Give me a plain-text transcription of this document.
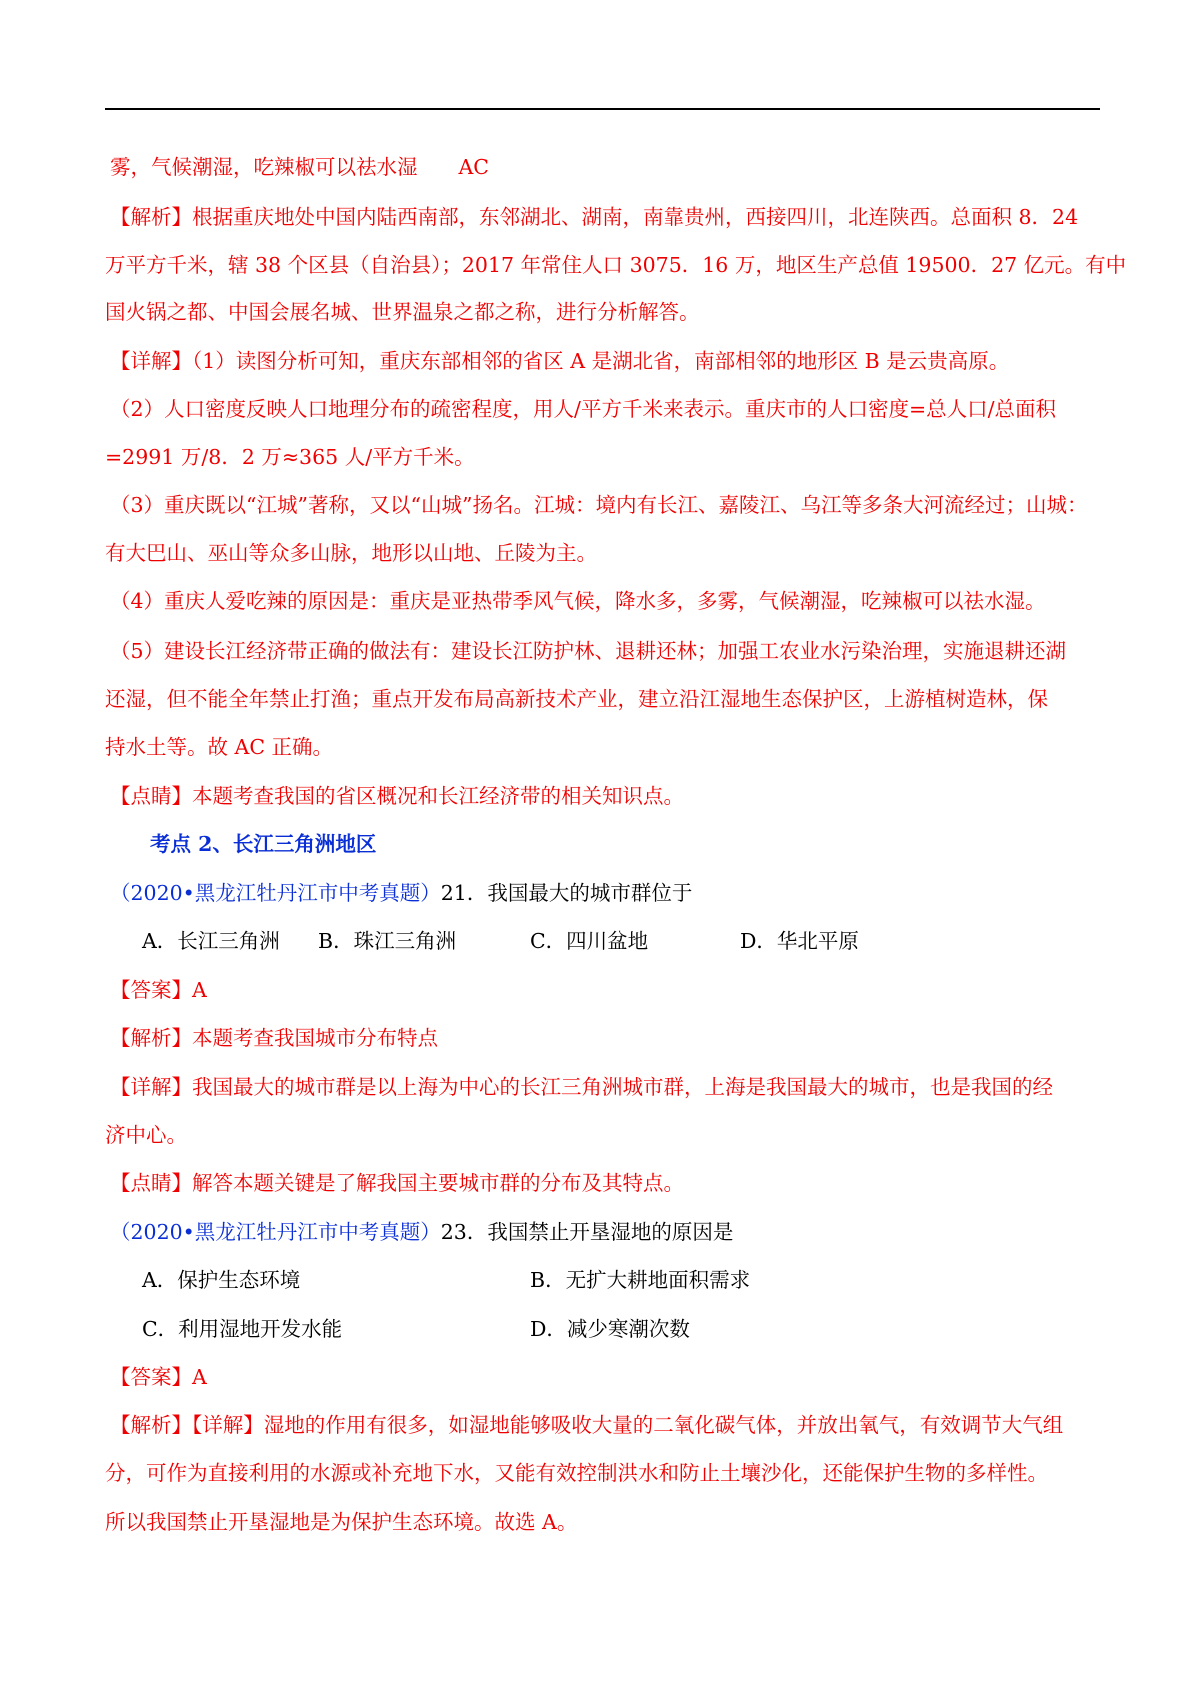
雾，气候潮湿，吃辣椒可以祛水湿　　AC
【解析】根据重庆地处中国内陆西南部，东邻湖北、湖南，南靠贵州，西接四川，北连陕西。总面积 8．24
万平方千米，辖 38 个区县（自治县）；2017 年常住人口 3075．16 万，地区生产总值 19500．27 亿元。有中
国火锅之都、中国会展名城、世界温泉之都之称，进行分析解答。
【详解】（1）读图分析可知，重庆东部相邻的省区 A 是湖北省，南部相邻的地形区 B 是云贵高原。
（2）人口密度反映人口地理分布的疏密程度，用人/平方千米来表示。重庆市的人口密度=总人口/总面积
=2991 万/8．2 万≈365 人/平方千米。
（3）重庆既以“江城”著称，又以“山城”扬名。江城：境内有长江、嘉陵江、乌江等多条大河流经过；山城：
有大巴山、巫山等众多山脉，地形以山地、丘陵为主。
（4）重庆人爱吃辣的原因是：重庆是亚热带季风气候，降水多，多雾，气候潮湿，吃辣椒可以祛水湿。
（5）建设长江经济带正确的做法有：建设长江防护林、退耕还林；加强工农业水污染治理，实施退耕还湖
还湿，但不能全年禁止打渔；重点开发布局高新技术产业，建立沿江湿地生态保护区，上游植树造林，保
持水土等。故 AC 正确。
【点睛】本题考查我国的省区概况和长江经济带的相关知识点。
考点 2、长江三角洲地区
（2020•黑龙江牡丹江市中考真题）21．我国最大的城市群位于
A．长江三角洲 B．珠江三角洲	C．四川盆地	D．华北平原
【答案】A
【解析】本题考查我国城市分布特点
【详解】我国最大的城市群是以上海为中心的长江三角洲城市群，上海是我国最大的城市，也是我国的经
济中心。
【点睛】解答本题关键是了解我国主要城市群的分布及其特点。
（2020•黑龙江牡丹江市中考真题）23．我国禁止开垦湿地的原因是
A．保护生态环境	B．无扩大耕地面积需求
C．利用湿地开发水能	D．减少寒潮次数
【答案】A
【解析】【详解】湿地的作用有很多，如湿地能够吸收大量的二氧化碳气体，并放出氧气，有效调节大气组
分，可作为直接利用的水源或补充地下水，又能有效控制洪水和防止土壤沙化，还能保护生物的多样性。
所以我国禁止开垦湿地是为保护生态环境。故选 A。
